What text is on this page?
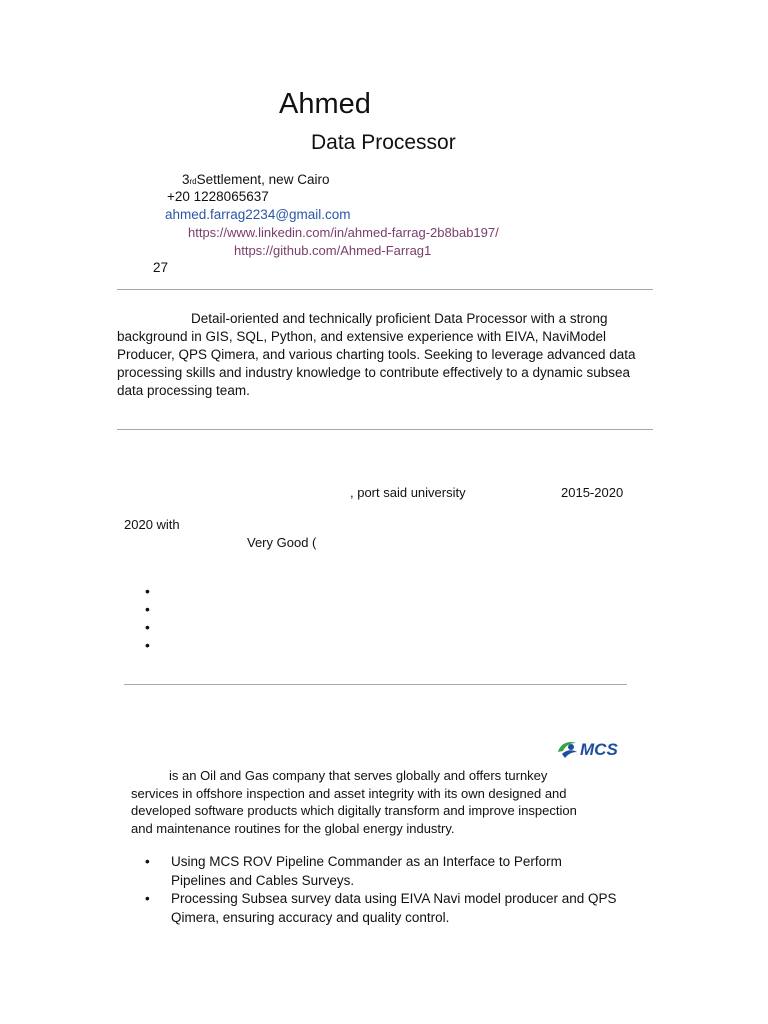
Ahmed
Data Processor
3rdSettlement, new Cairo
+20 1228065637
ahmed.farrag2234@gmail.com
https://www.linkedin.com/in/ahmed-farrag-2b8bab197/
https://github.com/Ahmed-Farrag1
27
Detail-oriented and technically proficient Data Processor with a strong
background in GIS, SQL, Python, and extensive experience with EIVA, NaviModel
Producer, QPS Qimera, and various charting tools. Seeking to leverage advanced data
processing skills and industry knowledge to contribute effectively to a dynamic subsea
data processing team.
, port said university	2015-2020
2020 with
Very Good (
•
•
•
•
MCS
is an Oil and Gas company that serves globally and offers turnkey
services in offshore inspection and asset integrity with its own designed and
developed software products which digitally transform and improve inspection
and maintenance routines for the global energy industry.
• Using MCS ROV Pipeline Commander as an Interface to Perform
Pipelines and Cables Surveys.
• Processing Subsea survey data using EIVA Navi model producer and QPS
Qimera, ensuring accuracy and quality control.
